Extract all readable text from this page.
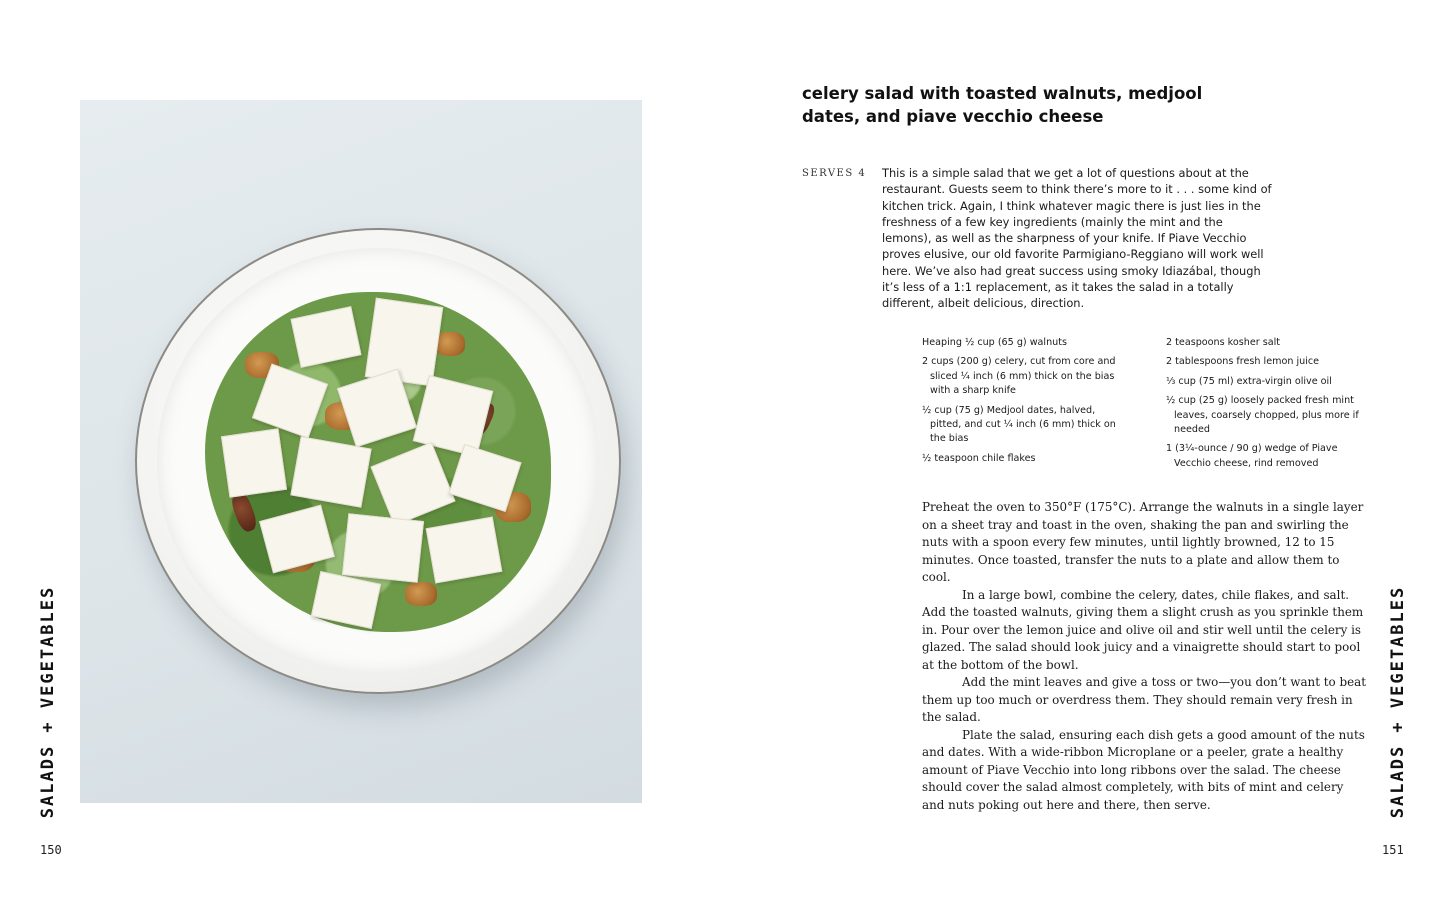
SALADS + VEGETABLES
150
celery salad with toasted walnuts, medjool dates, and piave vecchio cheese
SERVES 4 This is a simple salad that we get a lot of questions about at the restaurant. Guests seem to think there’s more to it . . . some kind of kitchen trick. Again, I think whatever magic there is just lies in the freshness of a few key ingredients (mainly the mint and the lemons), as well as the sharpness of your knife. If Piave Vecchio proves elusive, our old favorite Parmigiano-Reggiano will work well here. We’ve also had great success using smoky Idiazábal, though it’s less of a 1:1 replacement, as it takes the salad in a totally different, albeit delicious, direction.

Heaping ½ cup (65 g) walnuts
2 cups (200 g) celery, cut from core and sliced ¼ inch (6 mm) thick on the bias with a sharp knife
½ cup (75 g) Medjool dates, halved, pitted, and cut ¼ inch (6 mm) thick on the bias
½ teaspoon chile flakes
2 teaspoons kosher salt
2 tablespoons fresh lemon juice
⅓ cup (75 ml) extra-virgin olive oil
½ cup (25 g) loosely packed fresh mint leaves, coarsely chopped, plus more if needed
1 (3¼-ounce / 90 g) wedge of Piave Vecchio cheese, rind removed

Preheat the oven to 350°F (175°C). Arrange the walnuts in a single layer on a sheet tray and toast in the oven, shaking the pan and swirling the nuts with a spoon every few minutes, until lightly browned, 12 to 15 minutes. Once toasted, transfer the nuts to a plate and allow them to cool.

In a large bowl, combine the celery, dates, chile flakes, and salt. Add the toasted walnuts, giving them a slight crush as you sprinkle them in. Pour over the lemon juice and olive oil and stir well until the celery is glazed. The salad should look juicy and a vinaigrette should start to pool at the bottom of the bowl.

Add the mint leaves and give a toss or two—you don’t want to beat them up too much or overdress them. They should remain very fresh in the salad.

Plate the salad, ensuring each dish gets a good amount of the nuts and dates. With a wide-ribbon Microplane or a peeler, grate a healthy amount of Piave Vecchio into long ribbons over the salad. The cheese should cover the salad almost completely, with bits of mint and celery and nuts poking out here and there, then serve.	SALADS + VEGETABLES
151
